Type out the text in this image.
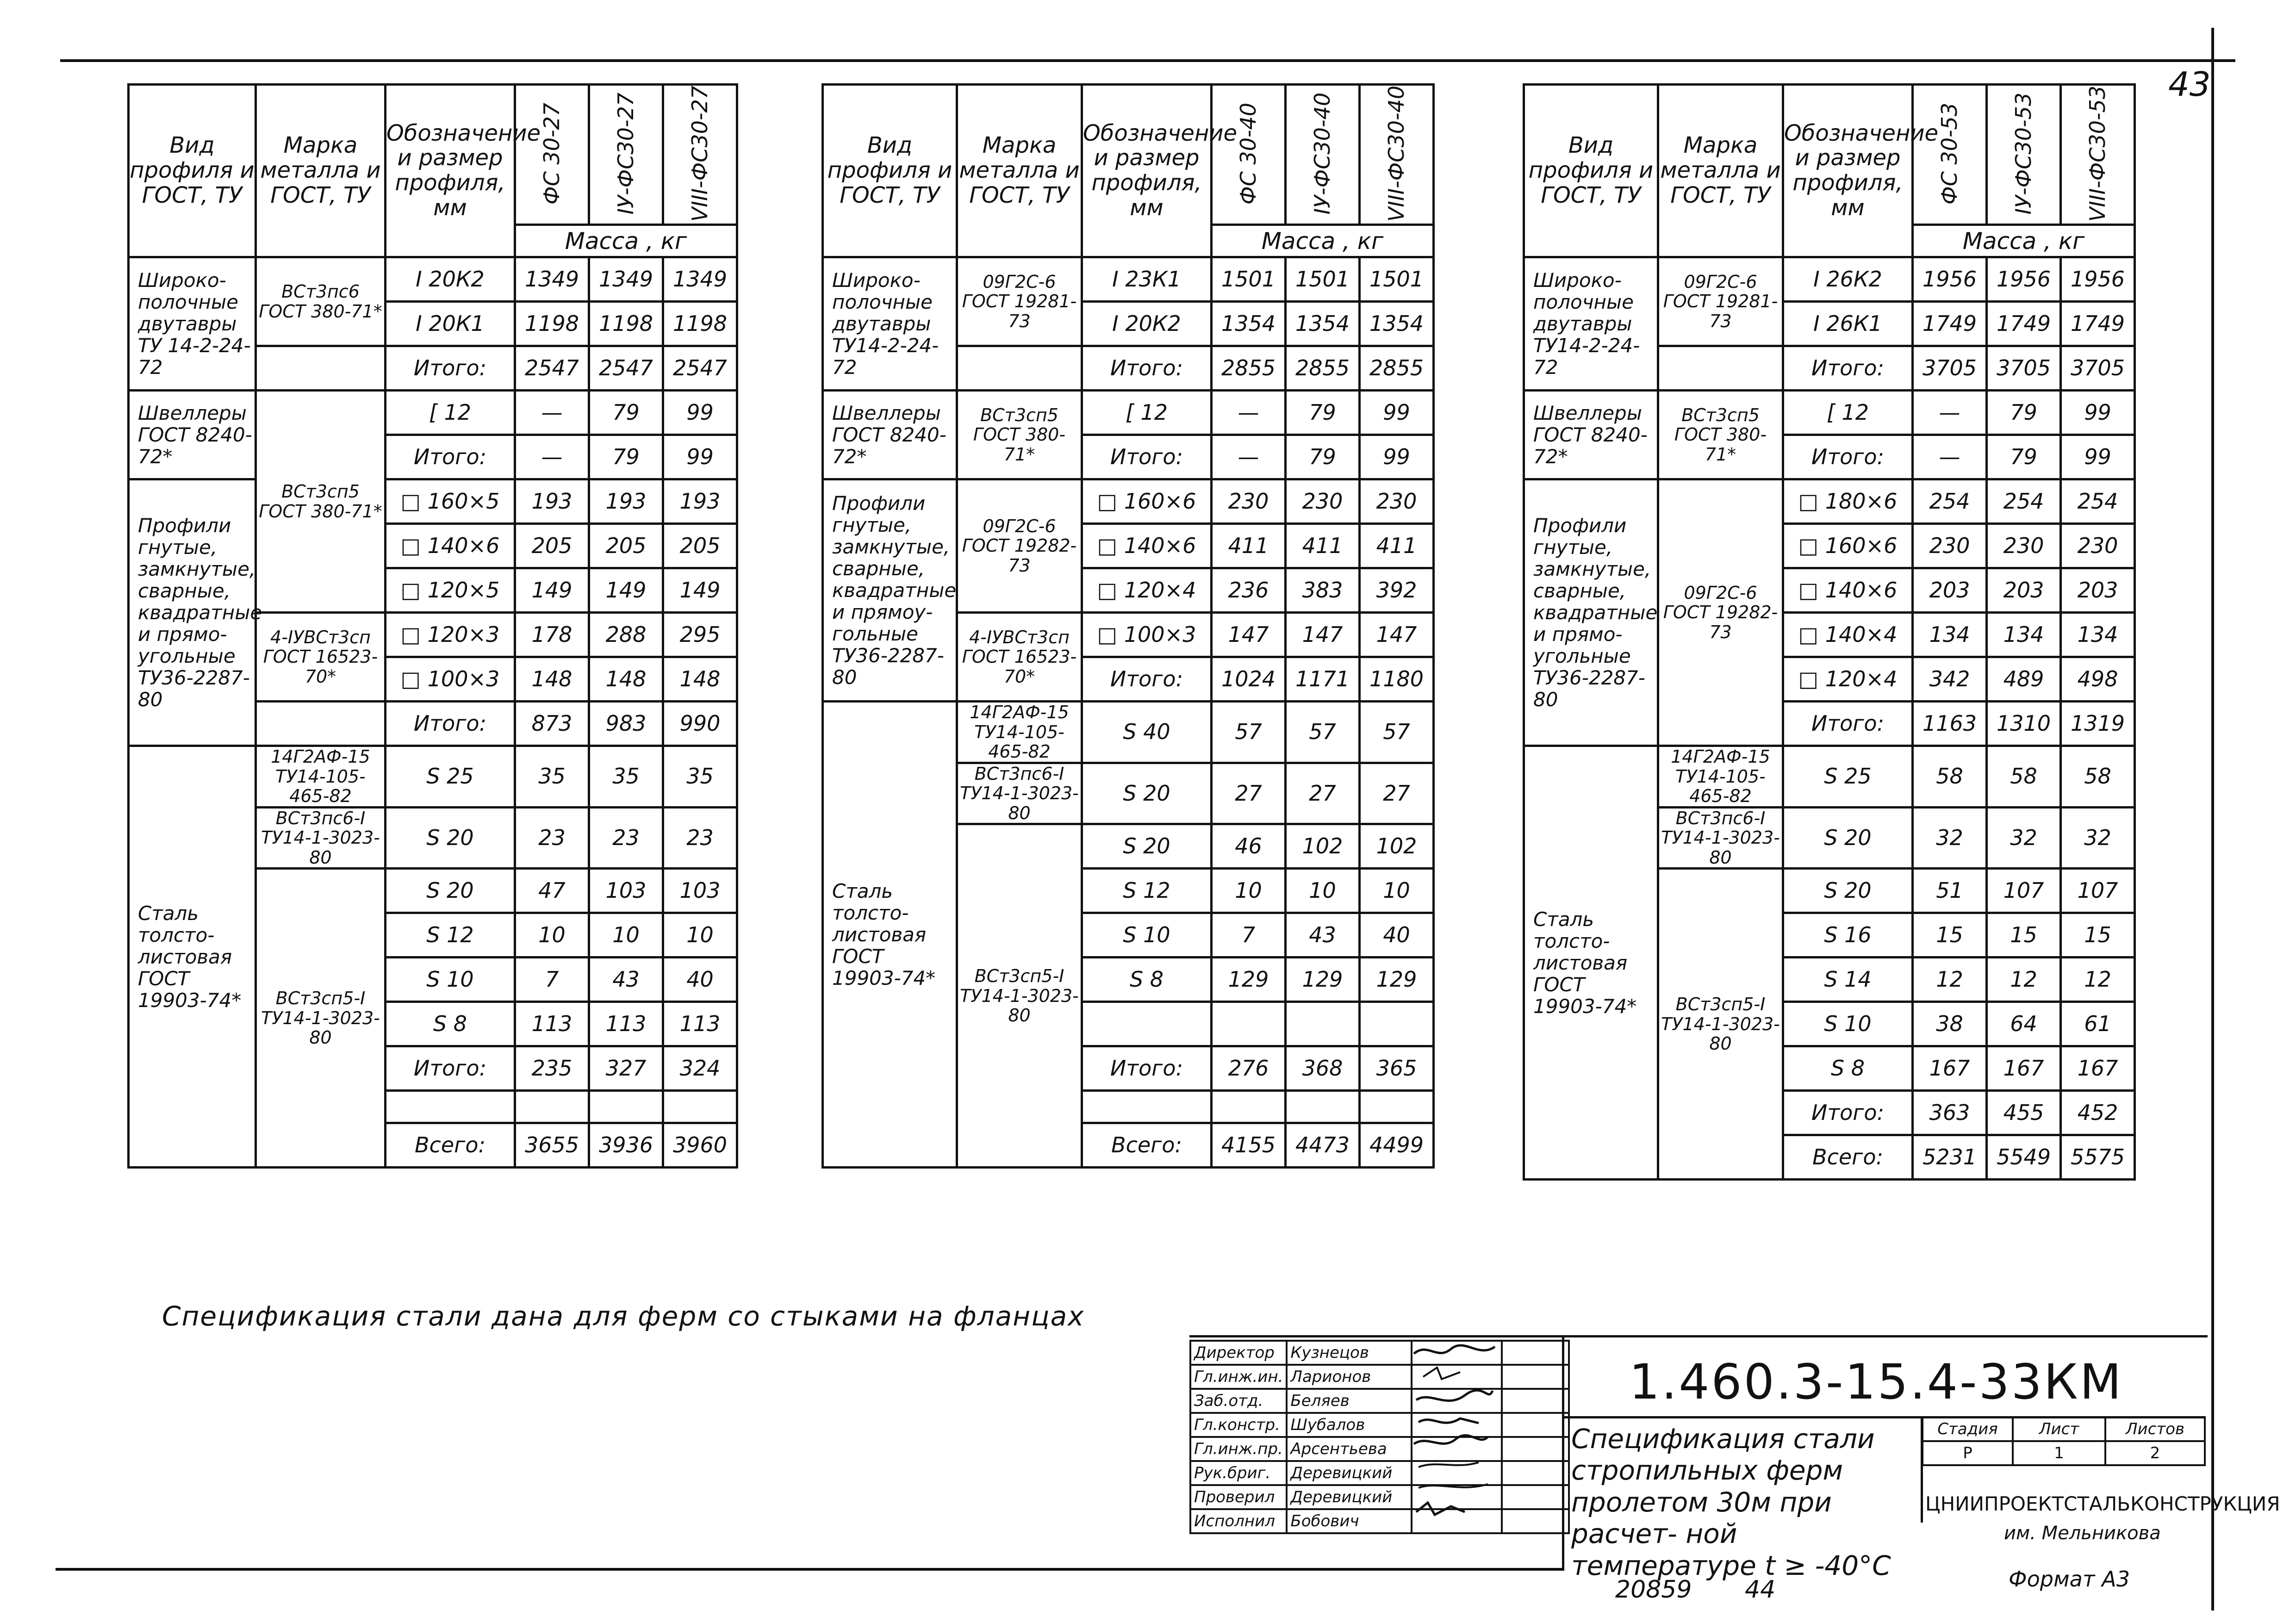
43
Вид профиля и ГОСТ, ТУ	Марка металла и ГОСТ, ТУ	Обозначение и размер профиля, мм	ФС 30-27	IУ-ФС30-27	VIII-ФС30-27
			Масса , кг		
Широко- полочные двутавры ТУ 14-2-24-72	ВСт3пс6 ГОСТ 380-71*	I 20К2	1349	1349	1349
		I 20К1	1198	1198	1198
		Итого:	2547	2547	2547
Швеллеры ГОСТ 8240-72*	ВСт3сп5 ГОСТ 380-71*	[ 12	—	79	99
		Итого:	—	79	99
Профили гнутые, замкнутые, сварные, квадратные и прямо- угольные ТУ36-2287-80		□ 160×5	193	193	193
		□ 140×6	205	205	205
		□ 120×5	149	149	149
	4-IУВСт3сп ГОСТ 16523-70*	□ 120×3	178	288	295
		□ 100×3	148	148	148
		Итого:	873	983	990
Сталь толсто- листовая ГОСТ 19903-74*	14Г2АФ-15 ТУ14-105-465-82	S 25	35	35	35
	ВСт3пс6-I ТУ14-1-3023-80	S 20	23	23	23
	ВСт3сп5-I ТУ14-1-3023-80	S 20	47	103	103
		S 12	10	10	10
		S 10	7	43	40
		S 8	113	113	113
		Итого:	235	327	324

		Всего:	3655	3936	3960
Вид профиля и ГОСТ, ТУ	Марка металла и ГОСТ, ТУ	Обозначение и размер профиля, мм	ФС 30-40	IУ-ФС30-40	VIII-ФС30-40
			Масса , кг		
Широко- полочные двутавры ТУ14-2-24-72	09Г2С-6 ГОСТ 19281-73	I 23К1	1501	1501	1501
		I 20К2	1354	1354	1354
		Итого:	2855	2855	2855
Швеллеры ГОСТ 8240-72*	ВСт3сп5 ГОСТ 380-71*	[ 12	—	79	99
		Итого:	—	79	99
Профили гнутые, замкнутые, сварные, квадратные и прямоу- гольные ТУ36-2287-80	09Г2С-6 ГОСТ 19282-73	□ 160×6	230	230	230
		□ 140×6	411	411	411
		□ 120×4	236	383	392
	4-IУВСт3сп ГОСТ 16523-70*	□ 100×3	147	147	147
		Итого:	1024	1171	1180
Сталь толсто- листовая ГОСТ 19903-74*	14Г2АФ-15 ТУ14-105-465-82	S 40	57	57	57
	ВСт3пс6-I ТУ14-1-3023-80	S 20	27	27	27
	ВСт3сп5-I ТУ14-1-3023-80	S 20	46	102	102
		S 12	10	10	10
		S 10	7	43	40
		S 8	129	129	129

		Итого:	276	368	365

		Всего:	4155	4473	4499
Вид профиля и ГОСТ, ТУ	Марка металла и ГОСТ, ТУ	Обозначение и размер профиля, мм	ФС 30-53	IУ-ФС30-53	VIII-ФС30-53
			Масса , кг		
Широко- полочные двутавры ТУ14-2-24-72	09Г2С-6 ГОСТ 19281-73	I 26К2	1956	1956	1956
		I 26К1	1749	1749	1749
		Итого:	3705	3705	3705
Швеллеры ГОСТ 8240-72*	ВСт3сп5 ГОСТ 380-71*	[ 12	—	79	99
		Итого:	—	79	99
Профили гнутые, замкнутые, сварные, квадратные и прямо- угольные ТУ36-2287-80	09Г2С-6 ГОСТ 19282-73	□ 180×6	254	254	254
		□ 160×6	230	230	230
		□ 140×6	203	203	203
		□ 140×4	134	134	134
		□ 120×4	342	489	498
		Итого:	1163	1310	1319
Сталь толсто- листовая ГОСТ 19903-74*	14Г2АФ-15 ТУ14-105-465-82	S 25	58	58	58
	ВСт3пс6-I ТУ14-1-3023-80	S 20	32	32	32
	ВСт3сп5-I ТУ14-1-3023-80	S 20	51	107	107
		S 16	15	15	15
		S 14	12	12	12
		S 10	38	64	61
		S 8	167	167	167
		Итого:	363	455	452
		Всего:	5231	5549	5575
Спецификация стали дана для ферм со стыками на фланцах
Директор	Кузнецов		
Гл.инж.ин.	Ларионов		
Заб.отд.	Беляев		
Гл.констр.	Шубалов		
Гл.инж.пр.	Арсентьева		
Рук.бриг.	Деревицкий		
Проверил	Деревицкий		
Исполнил	Бобович		
1.460.3-15.4-33КМ
Спецификация стали стропильных ферм пролетом 30м при расчет- ной температуре t ≥ -40°С
Стадия	Лист	Листов
Р	1	2
ЦНИИПРОЕКТСТАЛЬКОНСТРУКЦИЯ
им. Мельникова
20859 44	Формат А3
